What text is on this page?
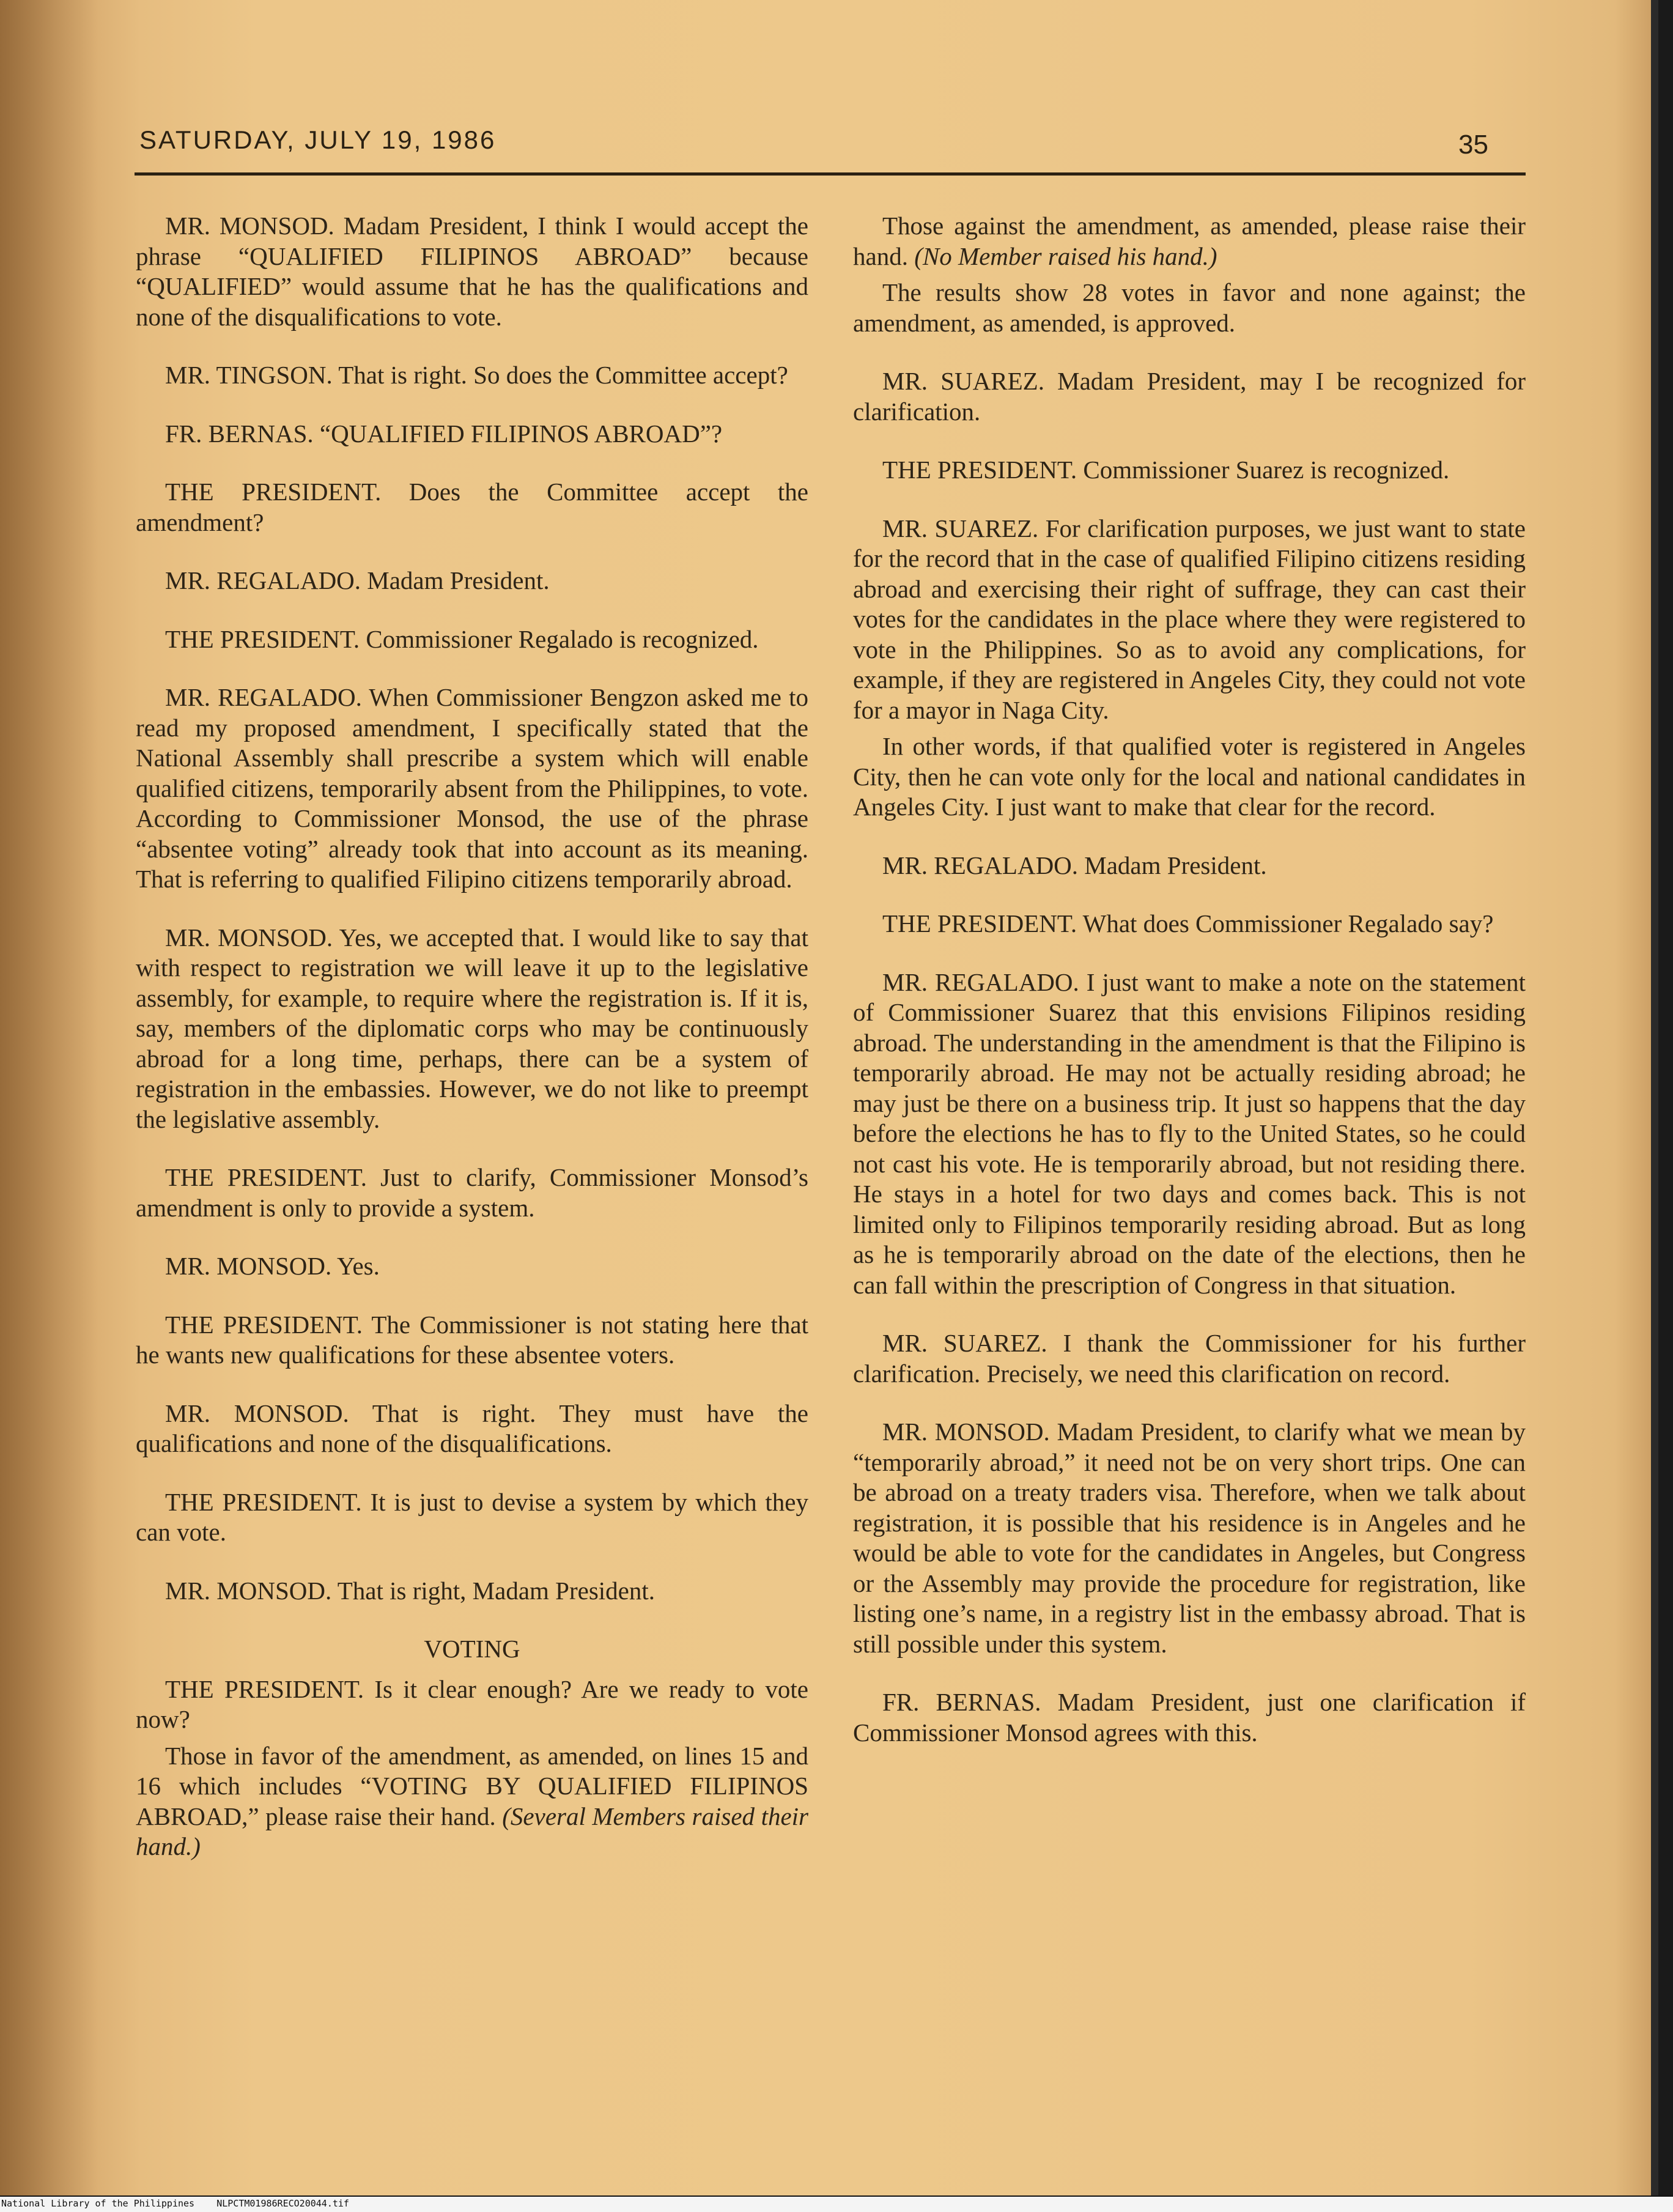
SATURDAY, JULY 19, 1986	35

MR. MONSOD. Madam President, I think I would accept the phrase “QUALIFIED FILIPINOS ABROAD” because “QUALIFIED” would assume that he has the qualifications and none of the disqualifications to vote.

MR. TINGSON. That is right. So does the Committee accept?

FR. BERNAS. “QUALIFIED FILIPINOS ABROAD”?

THE PRESIDENT. Does the Committee accept the amendment?

MR. REGALADO. Madam President.

THE PRESIDENT. Commissioner Regalado is recognized.

MR. REGALADO. When Commissioner Bengzon asked me to read my proposed amendment, I specifically stated that the National Assembly shall prescribe a system which will enable qualified citizens, temporarily absent from the Philippines, to vote. According to Commissioner Monsod, the use of the phrase “absentee voting” already took that into account as its meaning. That is referring to qualified Filipino citizens temporarily abroad.

MR. MONSOD. Yes, we accepted that. I would like to say that with respect to registration we will leave it up to the legislative assembly, for example, to require where the registration is. If it is, say, members of the diplomatic corps who may be continuously abroad for a long time, perhaps, there can be a system of registration in the embassies. However, we do not like to preempt the legislative assembly.

THE PRESIDENT. Just to clarify, Commissioner Monsod’s amendment is only to provide a system.

MR. MONSOD. Yes.

THE PRESIDENT. The Commissioner is not stating here that he wants new qualifications for these absentee voters.

MR. MONSOD. That is right. They must have the qualifications and none of the disqualifications.

THE PRESIDENT. It is just to devise a system by which they can vote.

MR. MONSOD. That is right, Madam President.

VOTING

THE PRESIDENT. Is it clear enough? Are we ready to vote now?

Those in favor of the amendment, as amended, on lines 15 and 16 which includes “VOTING BY QUALIFIED FILIPINOS ABROAD,” please raise their hand. (Several Members raised their hand.)

Those against the amendment, as amended, please raise their hand. (No Member raised his hand.)

The results show 28 votes in favor and none against; the amendment, as amended, is approved.

MR. SUAREZ. Madam President, may I be recognized for clarification.

THE PRESIDENT. Commissioner Suarez is recognized.

MR. SUAREZ. For clarification purposes, we just want to state for the record that in the case of qualified Filipino citizens residing abroad and exercising their right of suffrage, they can cast their votes for the candidates in the place where they were registered to vote in the Philippines. So as to avoid any complications, for example, if they are registered in Angeles City, they could not vote for a mayor in Naga City.

In other words, if that qualified voter is registered in Angeles City, then he can vote only for the local and national candidates in Angeles City. I just want to make that clear for the record.

MR. REGALADO. Madam President.

THE PRESIDENT. What does Commissioner Regalado say?

MR. REGALADO. I just want to make a note on the statement of Commissioner Suarez that this envisions Filipinos residing abroad. The understanding in the amendment is that the Filipino is temporarily abroad. He may not be actually residing abroad; he may just be there on a business trip. It just so happens that the day before the elections he has to fly to the United States, so he could not cast his vote. He is temporarily abroad, but not residing there. He stays in a hotel for two days and comes back. This is not limited only to Filipinos temporarily residing abroad. But as long as he is temporarily abroad on the date of the elections, then he can fall within the prescription of Congress in that situation.

MR. SUAREZ. I thank the Commissioner for his further clarification. Precisely, we need this clarification on record.

MR. MONSOD. Madam President, to clarify what we mean by “temporarily abroad,” it need not be on very short trips. One can be abroad on a treaty traders visa. Therefore, when we talk about registration, it is possible that his residence is in Angeles and he would be able to vote for the candidates in Angeles, but Congress or the Assembly may provide the procedure for registration, like listing one’s name, in a registry list in the embassy abroad. That is still possible under this system.

FR. BERNAS. Madam President, just one clarification if Commissioner Monsod agrees with this.

National Library of the Philippines NLPCTM01986RECO20044.tif
